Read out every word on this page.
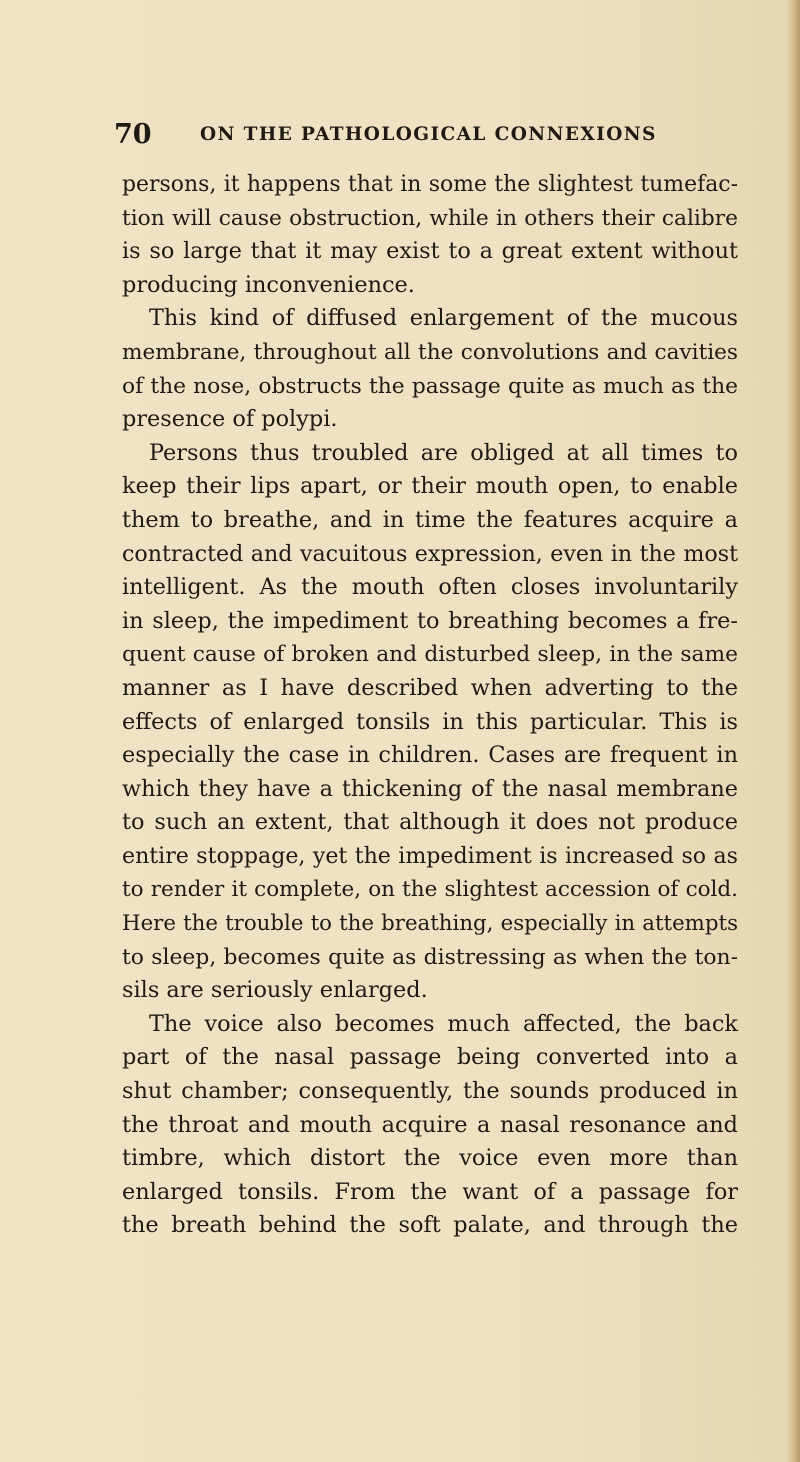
70	ON THE PATHOLOGICAL CONNEXIONS
persons, it happens that in some the slightest tumefac-
tion will cause obstruction, while in others their calibre
is so large that it may exist to a great extent without
producing inconvenience.
This kind of diffused enlargement of the mucous
membrane, throughout all the convolutions and cavities
of the nose, obstructs the passage quite as much as the
presence of polypi.
Persons thus troubled are obliged at all times to
keep their lips apart, or their mouth open, to enable
them to breathe, and in time the features acquire a
contracted and vacuitous expression, even in the most
intelligent. As the mouth often closes involuntarily
in sleep, the impediment to breathing becomes a fre-
quent cause of broken and disturbed sleep, in the same
manner as I have described when adverting to the
effects of enlarged tonsils in this particular. This is
especially the case in children. Cases are frequent in
which they have a thickening of the nasal membrane
to such an extent, that although it does not produce
entire stoppage, yet the impediment is increased so as
to render it complete, on the slightest accession of cold.
Here the trouble to the breathing, especially in attempts
to sleep, becomes quite as distressing as when the ton-
sils are seriously enlarged.
The voice also becomes much affected, the back
part of the nasal passage being converted into a
shut chamber; consequently, the sounds produced in
the throat and mouth acquire a nasal resonance and
timbre, which distort the voice even more than
enlarged tonsils. From the want of a passage for
the breath behind the soft palate, and through the
